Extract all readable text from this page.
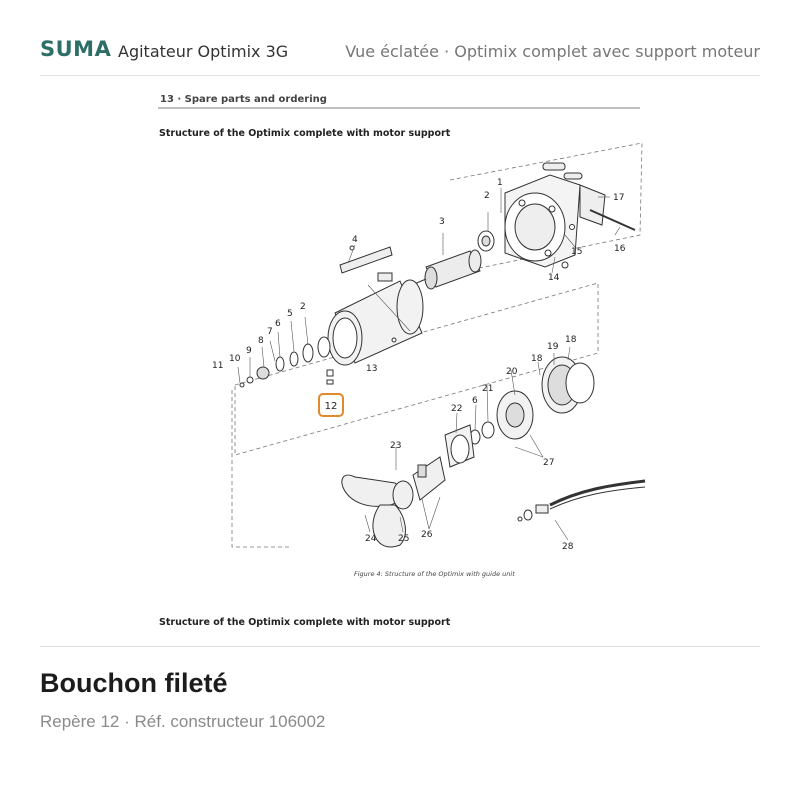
SUMA Agitateur Optimix 3G	Vue éclatée · Optimix complet avec support moteur
13 · Spare parts and ordering
Structure of the Optimix complete with motor support
1
2
3
4
5
6
7
8
9
10
11	13
14
15	16
17
18
18
19
20
21
22
2
6
23
24 25 26
27
28
12
Figure 4: Structure of the Optimix with guide unit
Structure of the Optimix complete with motor support
Bouchon fileté
Repère 12 · Réf. constructeur 106002
